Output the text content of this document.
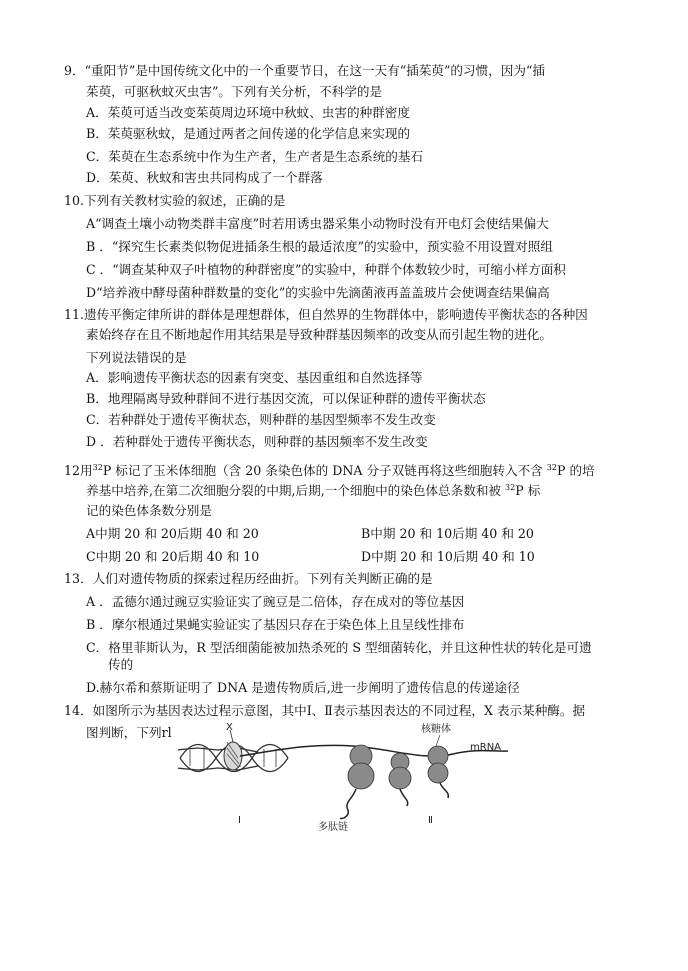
9．“重阳节”是中国传统文化中的一个重要节日，在这一天有“插茱萸”的习惯，因为“插
茱萸，可驱秋蚊灭虫害”。下列有关分析，不科学的是
A．茱萸可适当改变茱萸周边环境中秋蚊、虫害的种群密度
B．茱萸驱秋蚊，是通过两者之间传递的化学信息来实现的
C．茱萸在生态系统中作为生产者，生产者是生态系统的基石
D．茱萸、秋蚊和害虫共同构成了一个群落
10.下列有关教材实验的叙述，正确的是
A“调查土壤小动物类群丰富度”时若用诱虫器采集小动物时没有开电灯会使结果偏大
B ．“探究生长素类似物促进插条生根的最适浓度”的实验中，预实验不用设置对照组
C ．“调查某种双子叶植物的种群密度”的实验中，种群个体数较少时，可缩小样方面积
D“培养液中酵母菌种群数量的变化”的实验中先滴菌液再盖盖玻片会使调查结果偏高
11.遗传平衡定律所讲的群体是理想群体，但自然界的生物群体中，影响遗传平衡状态的各种因
素始终存在且不断地起作用其结果是导致种群基因频率的改变从而引起生物的进化。
下列说法错误的是
A．影响遗传平衡状态的因素有突变、基因重组和自然选择等
B．地理隔离导致种群间不进行基因交流，可以保证种群的遗传平衡状态
C．若种群处于遗传平衡状态，则种群的基因型频率不发生改变
D ．若种群处于遗传平衡状态，则种群的基因频率不发生改变
12用$^{32}$P 标记了玉米体细胞（含 20 条染色体的 DNA 分子双链再将这些细胞转入不含 $^{32}$P 的培
养基中培养,在第二次细胞分裂的中期,后期,一个细胞中的染色体总条数和被 $^{32}$P 标
记的染色体条数分别是
A中期 20 和 20后期 40 和 20	B中期 20 和 10后期 40 和 20
C中期 20 和 20后期 40 和 10	D中期 20 和 10后期 40 和 10
13．人们对遗传物质的探索过程历经曲折。下列有关判断正确的是
A ．孟德尔通过豌豆实验证实了豌豆是二倍体，存在成对的等位基因
B ．摩尔根通过果蝇实验证实了基因只存在于染色体上且呈线性排布
C．格里菲斯认为，R 型活细菌能被加热杀死的 S 型细菌转化，并且这种性状的转化是可遗
传的
D.赫尔希和蔡斯证明了 DNA 是遗传物质后,进一步阐明了遗传信息的传递途径
14．如图所示为基因表达过程示意图，其中Ⅰ、Ⅱ表示基因表达的不同过程，X 表示某种酶。据
图判断，下列rl	X	核糖体
mRNA
I	Ⅱ
多肽链
